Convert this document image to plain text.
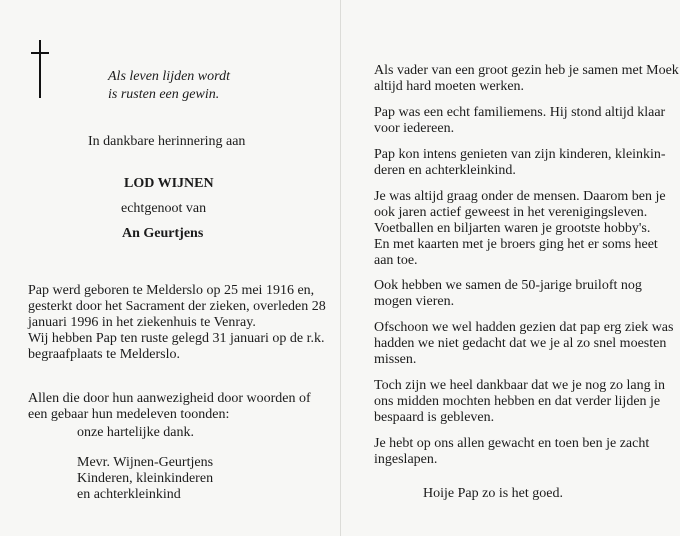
Als leven lijden wordt
is rusten een gewin.
In dankbare herinnering aan
LOD WIJNEN
echtgenoot van
An Geurtjens
Pap werd geboren te Melderslo op 25 mei 1916 en,
gesterkt door het Sacrament der zieken, overleden 28
januari 1996 in het ziekenhuis te Venray.
Wij hebben Pap ten ruste gelegd 31 januari op de r.k.
begraafplaats te Melderslo.
Allen die door hun aanwezigheid door woorden of
een gebaar hun medeleven toonden:
onze hartelijke dank.
Mevr. Wijnen-Geurtjens
Kinderen, kleinkinderen
en achterkleinkind
Als vader van een groot gezin heb je samen met Moek
altijd hard moeten werken.
Pap was een echt familiemens. Hij stond altijd klaar
voor iedereen.
Pap kon intens genieten van zijn kinderen, kleinkin-
deren en achterkleinkind.
Je was altijd graag onder de mensen. Daarom ben je
ook jaren actief geweest in het verenigingsleven.
Voetballen en biljarten waren je grootste hobby's.
En met kaarten met je broers ging het er soms heet
aan toe.
Ook hebben we samen de 50-jarige bruiloft nog
mogen vieren.
Ofschoon we wel hadden gezien dat pap erg ziek was
hadden we niet gedacht dat we je al zo snel moesten
missen.
Toch zijn we heel dankbaar dat we je nog zo lang in
ons midden mochten hebben en dat verder lijden je
bespaard is gebleven.
Je hebt op ons allen gewacht en toen ben je zacht
ingeslapen.
Hoije Pap zo is het goed.
